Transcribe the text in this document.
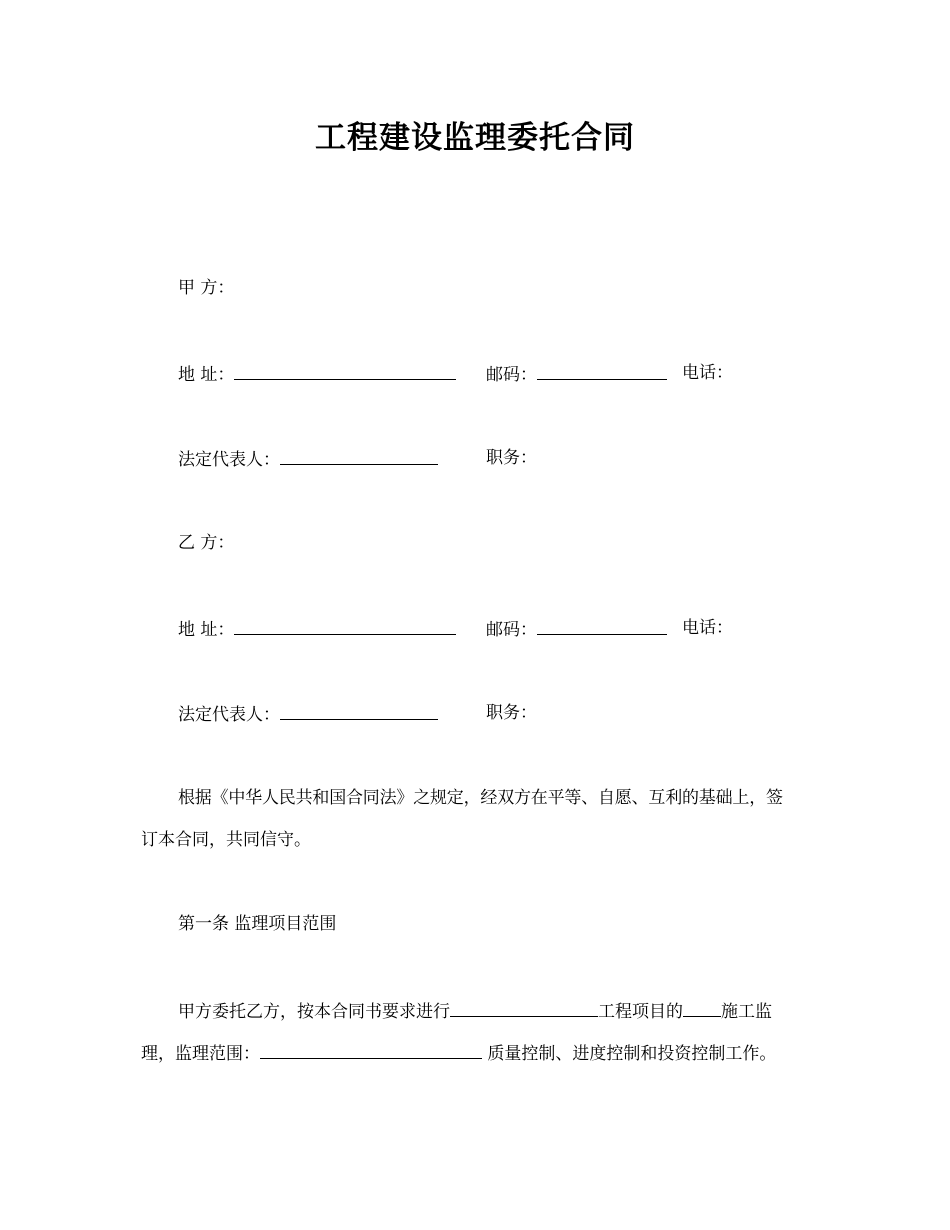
工程建设监理委托合同
甲 方：
地 址：	邮码：	电话：
法定代表人：	职务：
乙 方：
地 址：	邮码：	电话：
法定代表人：	职务：
根据《中华人民共和国合同法》之规定，经双方在平等、自愿、互利的基础上，签
订本合同，共同信守。
第一条 监理项目范围
甲方委托乙方，按本合同书要求进行	工程项目的 施工监
理，监理范围：	质量控制、进度控制和投资控制工作。
